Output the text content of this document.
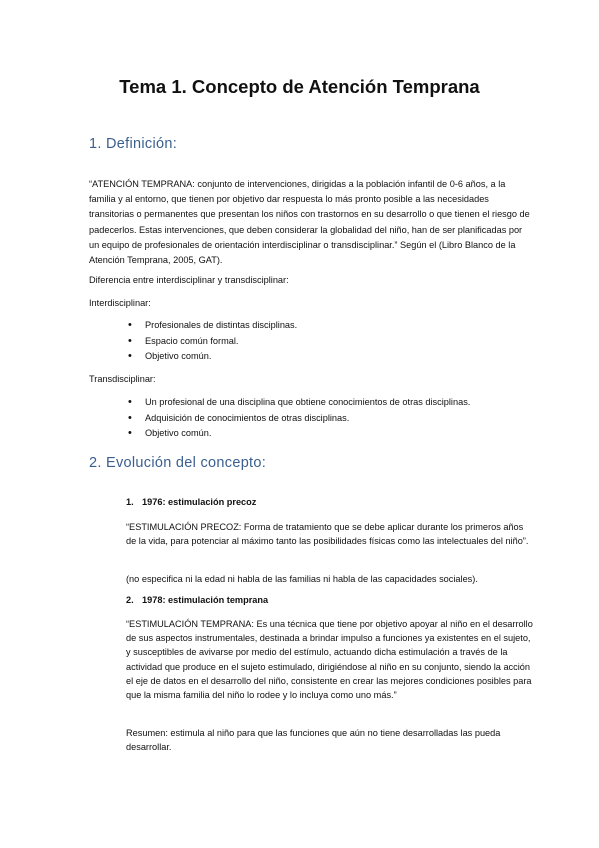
Tema 1. Concepto de Atención Temprana
1. Definición:
“ATENCIÓN TEMPRANA: conjunto de intervenciones, dirigidas a la población infantil de 0-6 años, a la familia y al entorno, que tienen por objetivo dar respuesta lo más pronto posible a las necesidades transitorias o permanentes que presentan los niños con trastornos en su desarrollo o que tienen el riesgo de padecerlos. Estas intervenciones, que deben considerar la globalidad del niño, han de ser planificadas por un equipo de profesionales de orientación interdisciplinar o transdisciplinar.” Según el (Libro Blanco de la Atención Temprana, 2005, GAT).
Diferencia entre interdisciplinar y transdisciplinar:
Interdisciplinar:
• Profesionales de distintas disciplinas.
• Espacio común formal.
• Objetivo común.
Transdisciplinar:
• Un profesional de una disciplina que obtiene conocimientos de otras disciplinas.
• Adquisición de conocimientos de otras disciplinas.
• Objetivo común.
2. Evolución del concepto:
1. 1976: estimulación precoz
“ESTIMULACIÓN PRECOZ: Forma de tratamiento que se debe aplicar durante los primeros años de la vida, para potenciar al máximo tanto las posibilidades físicas como las intelectuales del niño”.
(no especifica ni la edad ni habla de las familias ni habla de las capacidades sociales).
2. 1978: estimulación temprana
“ESTIMULACIÓN TEMPRANA: Es una técnica que tiene por objetivo apoyar al niño en el desarrollo de sus aspectos instrumentales, destinada a brindar impulso a funciones ya existentes en el sujeto, y susceptibles de avivarse por medio del estímulo, actuando dicha estimulación a través de la actividad que produce en el sujeto estimulado, dirigiéndose al niño en su conjunto, siendo la acción el eje de datos en el desarrollo del niño, consistente en crear las mejores condiciones posibles para que la misma familia del niño lo rodee y lo incluya como uno más.”
Resumen: estimula al niño para que las funciones que aún no tiene desarrolladas las pueda desarrollar.
